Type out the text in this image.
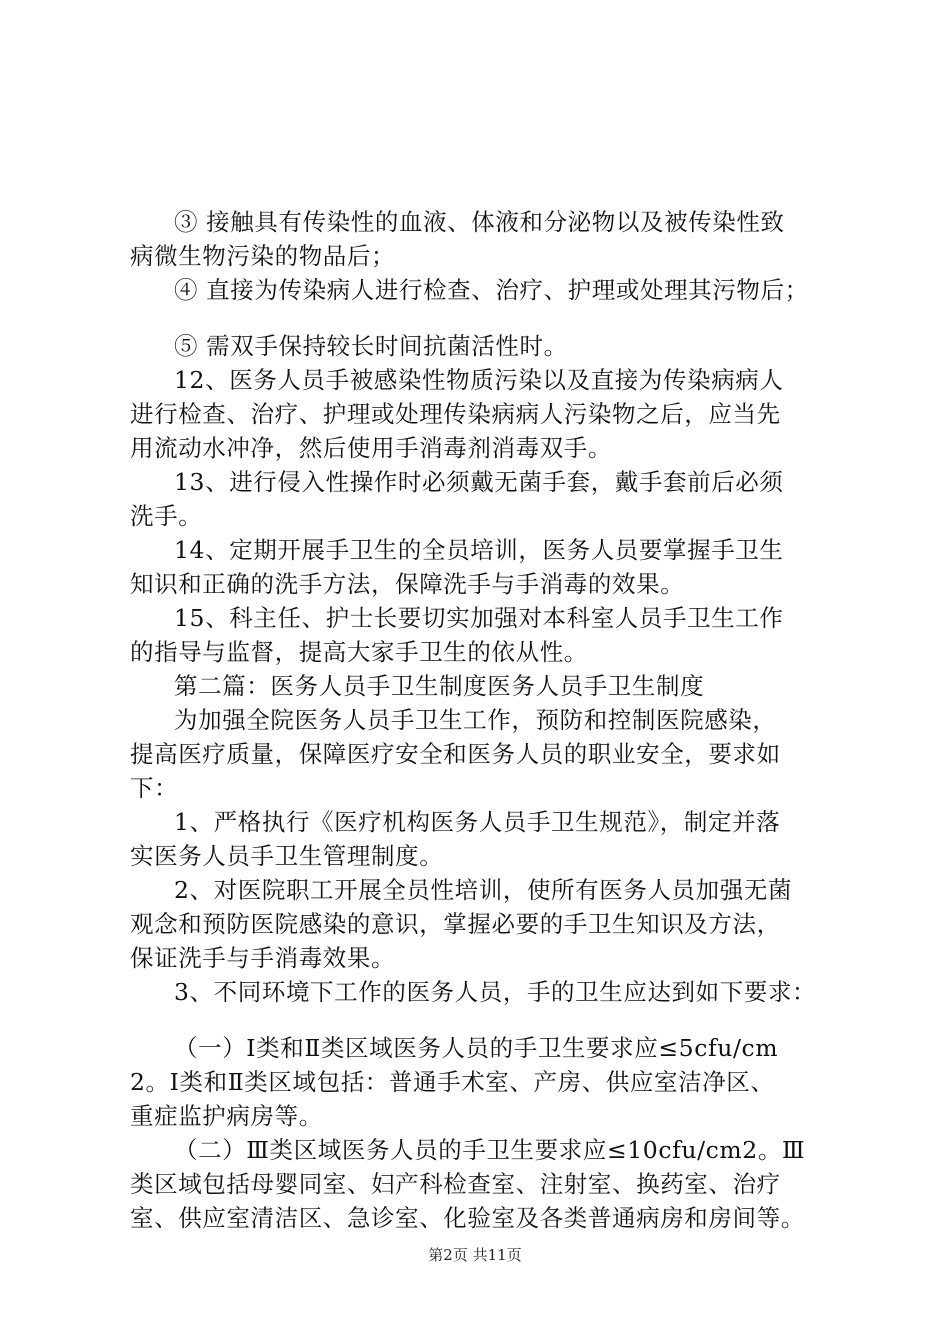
③ 接触具有传染性的血液、体液和分泌物以及被传染性致
病微生物污染的物品后；
④ 直接为传染病人进行检查、治疗、护理或处理其污物后；
⑤ 需双手保持较长时间抗菌活性时。
12、医务人员手被感染性物质污染以及直接为传染病病人
进行检查、治疗、护理或处理传染病病人污染物之后，应当先
用流动水冲净，然后使用手消毒剂消毒双手。
13、进行侵入性操作时必须戴无菌手套，戴手套前后必须
洗手。
14、定期开展手卫生的全员培训，医务人员要掌握手卫生
知识和正确的洗手方法，保障洗手与手消毒的效果。
15、科主任、护士长要切实加强对本科室人员手卫生工作
的指导与监督，提高大家手卫生的依从性。
第二篇：医务人员手卫生制度医务人员手卫生制度
为加强全院医务人员手卫生工作，预防和控制医院感染，
提高医疗质量，保障医疗安全和医务人员的职业安全，要求如
下：
1、严格执行《医疗机构医务人员手卫生规范》，制定并落
实医务人员手卫生管理制度。
2、对医院职工开展全员性培训，使所有医务人员加强无菌
观念和预防医院感染的意识，掌握必要的手卫生知识及方法，
保证洗手与手消毒效果。
3、不同环境下工作的医务人员，手的卫生应达到如下要求：
（一）Ⅰ类和Ⅱ类区域医务人员的手卫生要求应≤5cfu/cm
2。Ⅰ类和Ⅱ类区域包括：普通手术室、产房、供应室洁净区、
重症监护病房等。
（二）Ⅲ类区域医务人员的手卫生要求应≤10cfu/cm2。Ⅲ
类区域包括母婴同室、妇产科检查室、注射室、换药室、治疗
室、供应室清洁区、急诊室、化验室及各类普通病房和房间等。
第2页 共11页
